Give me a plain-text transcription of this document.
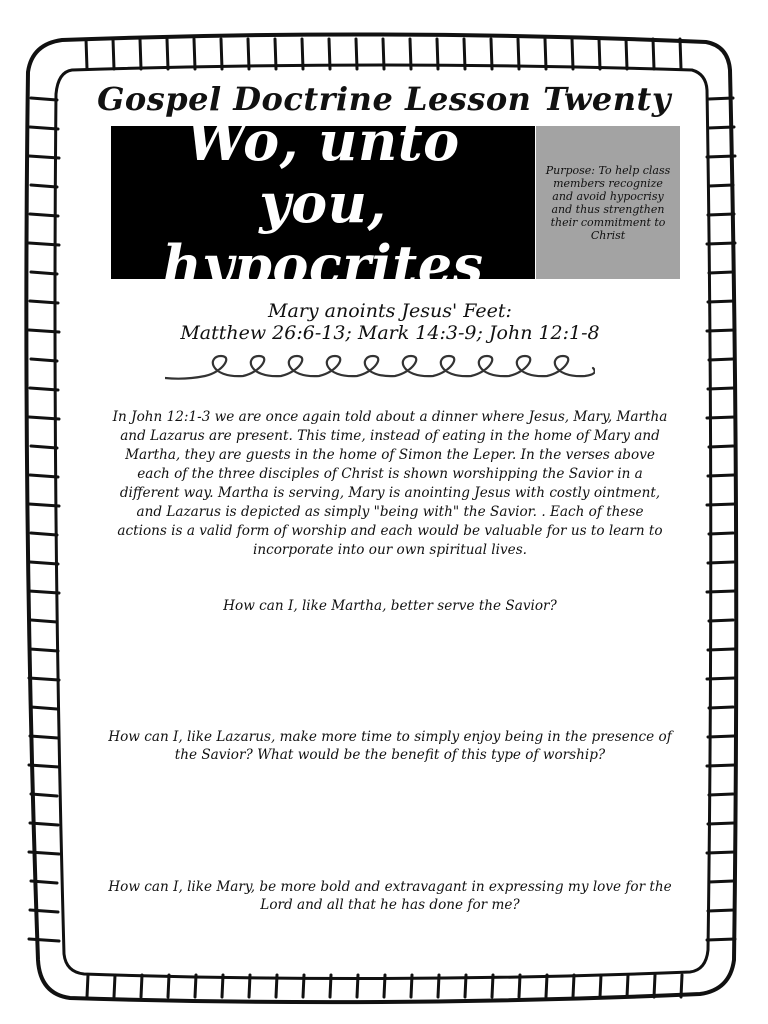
Gospel Doctrine Lesson Twenty
Wo, unto you, hypocrites
Purpose: To help class members recognize and avoid hypocrisy and thus strengthen their commitment to Christ
Mary anoints Jesus' Feet:
Matthew 26:6-13; Mark 14:3-9; John 12:1-8
In John 12:1-3 we are once again told about a dinner where Jesus, Mary, Martha and Lazarus are present. This time, instead of eating in the home of Mary and Martha, they are guests in the home of Simon the Leper. In the verses above each of the three disciples of Christ is shown worshipping the Savior in a different way. Martha is serving, Mary is anointing Jesus with costly ointment, and Lazarus is depicted as simply "being with" the Savior. . Each of these actions is a valid form of worship and each would be valuable for us to learn to incorporate into our own spiritual lives.
How can I, like Martha, better serve the Savior?
How can I, like Lazarus, make more time to simply enjoy being in the presence of the Savior? What would be the benefit of this type of worship?
How can I, like Mary, be more bold and extravagant in expressing my love for the Lord and all that he has done for me?
